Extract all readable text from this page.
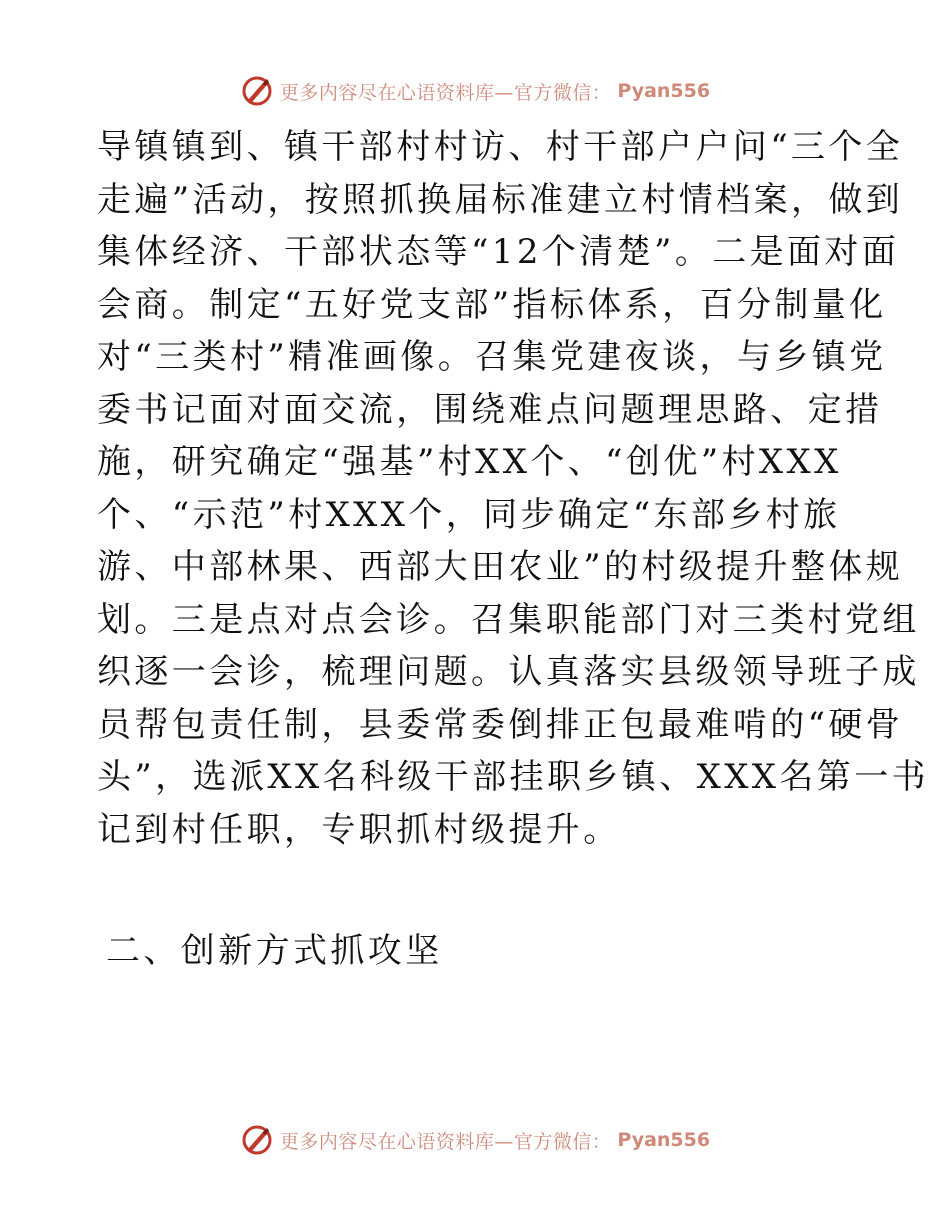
更多内容尽在心语资料库—官方微信： Pyan556
导镇镇到、镇干部村村访、村干部户户问“三个全
走遍”活动，按照抓换届标准建立村情档案，做到
集体经济、干部状态等“12个清楚”。二是面对面
会商。制定“五好党支部”指标体系，百分制量化
对“三类村”精准画像。召集党建夜谈，与乡镇党
委书记面对面交流，围绕难点问题理思路、定措
施，研究确定“强基”村XX个、“创优”村XXX
个、“示范”村XXX个，同步确定“东部乡村旅
游、中部林果、西部大田农业”的村级提升整体规
划。三是点对点会诊。召集职能部门对三类村党组
织逐一会诊，梳理问题。认真落实县级领导班子成
员帮包责任制，县委常委倒排正包最难啃的“硬骨
头”，选派XX名科级干部挂职乡镇、XXX名第一书
记到村任职，专职抓村级提升。
二、创新方式抓攻坚
更多内容尽在心语资料库—官方微信： Pyan556
